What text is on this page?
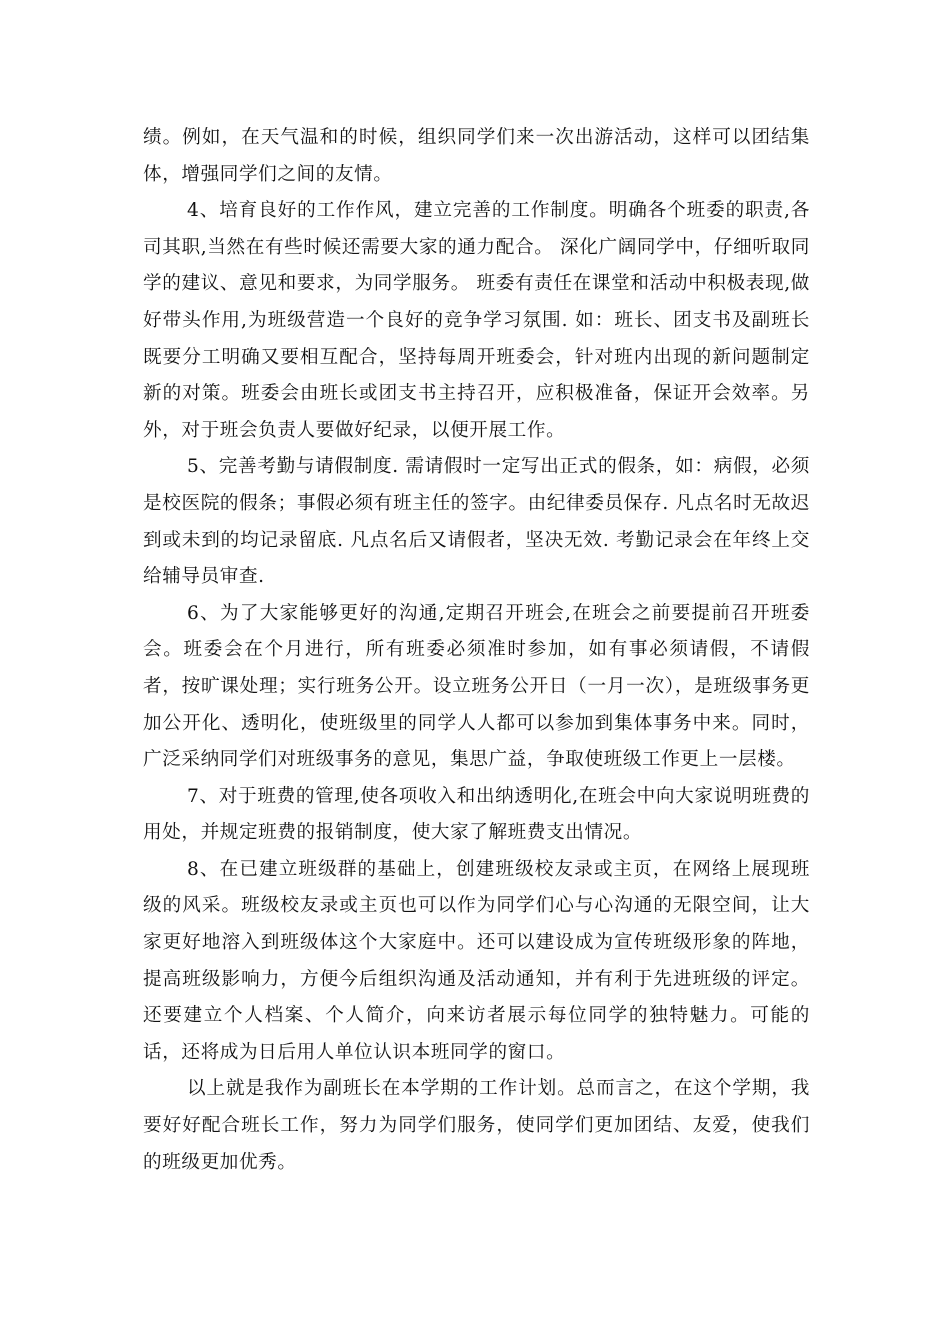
绩。例如，在天气温和的时候，组织同学们来一次出游活动，这样可以团结集体，增强同学们之间的友情。

4、培育良好的工作作风，建立完善的工作制度。明确各个班委的职责,各司其职,当然在有些时候还需要大家的通力配合。 深化广阔同学中，仔细听取同学的建议、意见和要求，为同学服务。 班委有责任在课堂和活动中积极表现,做好带头作用,为班级营造一个良好的竞争学习氛围. 如：班长、团支书及副班长既要分工明确又要相互配合，坚持每周开班委会，针对班内出现的新问题制定新的对策。班委会由班长或团支书主持召开，应积极准备，保证开会效率。另外，对于班会负责人要做好纪录，以便开展工作。

5、完善考勤与请假制度. 需请假时一定写出正式的假条，如：病假，必须是校医院的假条；事假必须有班主任的签字。由纪律委员保存. 凡点名时无故迟到或未到的均记录留底. 凡点名后又请假者，坚决无效. 考勤记录会在年终上交给辅导员审查.

6、为了大家能够更好的沟通,定期召开班会,在班会之前要提前召开班委会。班委会在个月进行，所有班委必须准时参加，如有事必须请假，不请假者，按旷课处理；实行班务公开。设立班务公开日（一月一次），是班级事务更加公开化、透明化，使班级里的同学人人都可以参加到集体事务中来。同时，广泛采纳同学们对班级事务的意见，集思广益，争取使班级工作更上一层楼。

7、对于班费的管理,使各项收入和出纳透明化,在班会中向大家说明班费的用处，并规定班费的报销制度，使大家了解班费支出情况。

8、在已建立班级群的基础上，创建班级校友录或主页，在网络上展现班级的风采。班级校友录或主页也可以作为同学们心与心沟通的无限空间，让大家更好地溶入到班级体这个大家庭中。还可以建设成为宣传班级形象的阵地，提高班级影响力，方便今后组织沟通及活动通知，并有利于先进班级的评定。还要建立个人档案、个人简介，向来访者展示每位同学的独特魅力。可能的话，还将成为日后用人单位认识本班同学的窗口。

以上就是我作为副班长在本学期的工作计划。总而言之，在这个学期，我要好好配合班长工作，努力为同学们服务，使同学们更加团结、友爱，使我们的班级更加优秀。
